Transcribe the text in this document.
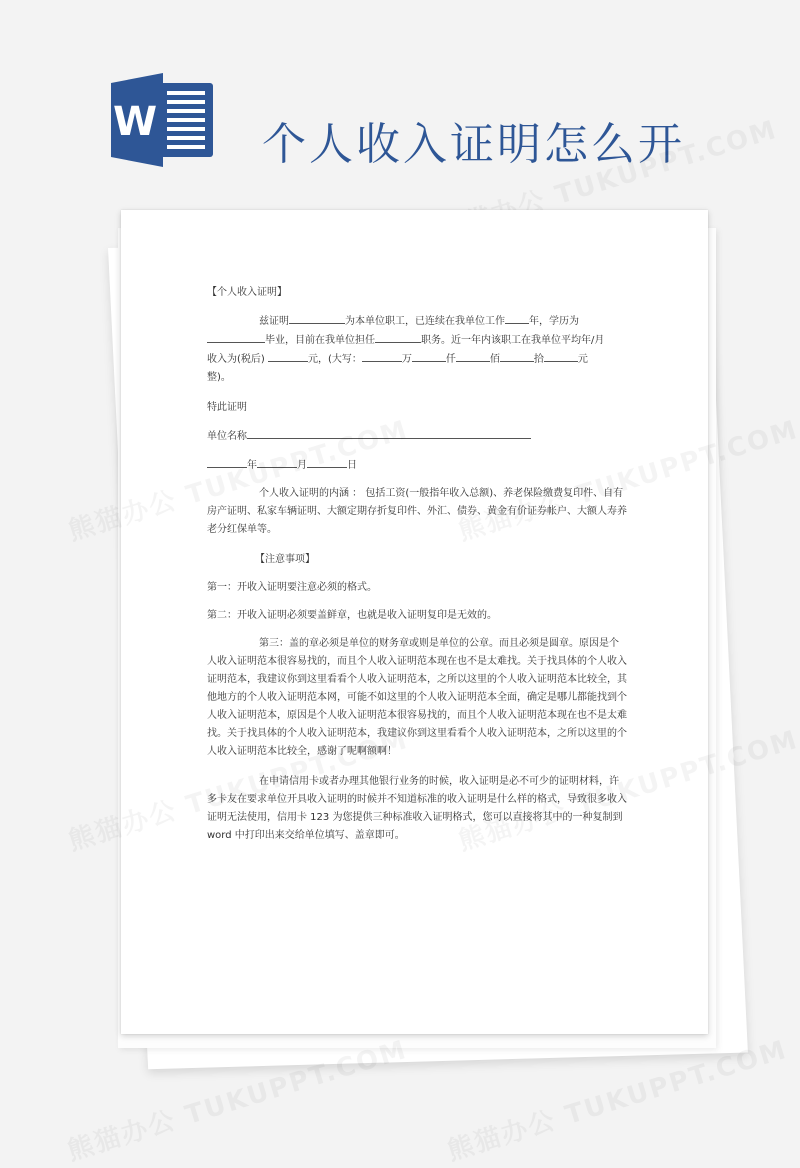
W 个人收入证明怎么开

【个人收入证明】

兹证明	为本单位职工，已连续在我单位工作 年，学历为
毕业，目前在我单位担任	职务。近一年内该职工在我单位平均年/月
收入为(税后)	元，(大写：	万	仟	佰	拾	元
整)。

特此证明

单位名称

年	月	日

个人收入证明的内涵 ： 包括工资(一般指年收入总额)、养老保险缴费复印件、自有房产证明、私家车辆证明、大额定期存折复印件、外汇、债券、黄金有价证券帐户、大额人寿养老分红保单等。

【注意事项】

第一：开收入证明要注意必须的格式。

第二：开收入证明必须要盖鲜章，也就是收入证明复印是无效的。

第三：盖的章必须是单位的财务章或则是单位的公章。而且必须是圆章。原因是个人收入证明范本很容易找的，而且个人收入证明范本现在也不是太难找。关于找具体的个人收入证明范本，我建议你到这里看看个人收入证明范本，之所以这里的个人收入证明范本比较全，其他地方的个人收入证明范本网，可能不如这里的个人收入证明范本全面，确定是哪儿都能找到个人收入证明范本，原因是个人收入证明范本很容易找的，而且个人收入证明范本现在也不是太难找。关于找具体的个人收入证明范本，我建议你到这里看看个人收入证明范本，之所以这里的个人收入证明范本比较全，感谢了呢啊额啊！

在申请信用卡或者办理其他银行业务的时候，收入证明是必不可少的证明材料，许多卡友在要求单位开具收入证明的时候并不知道标准的收入证明是什么样的格式，导致很多收入证明无法使用，信用卡 123 为您提供三种标准收入证明格式，您可以直接将其中的一种复制到 word 中打印出来交给单位填写、盖章即可。
